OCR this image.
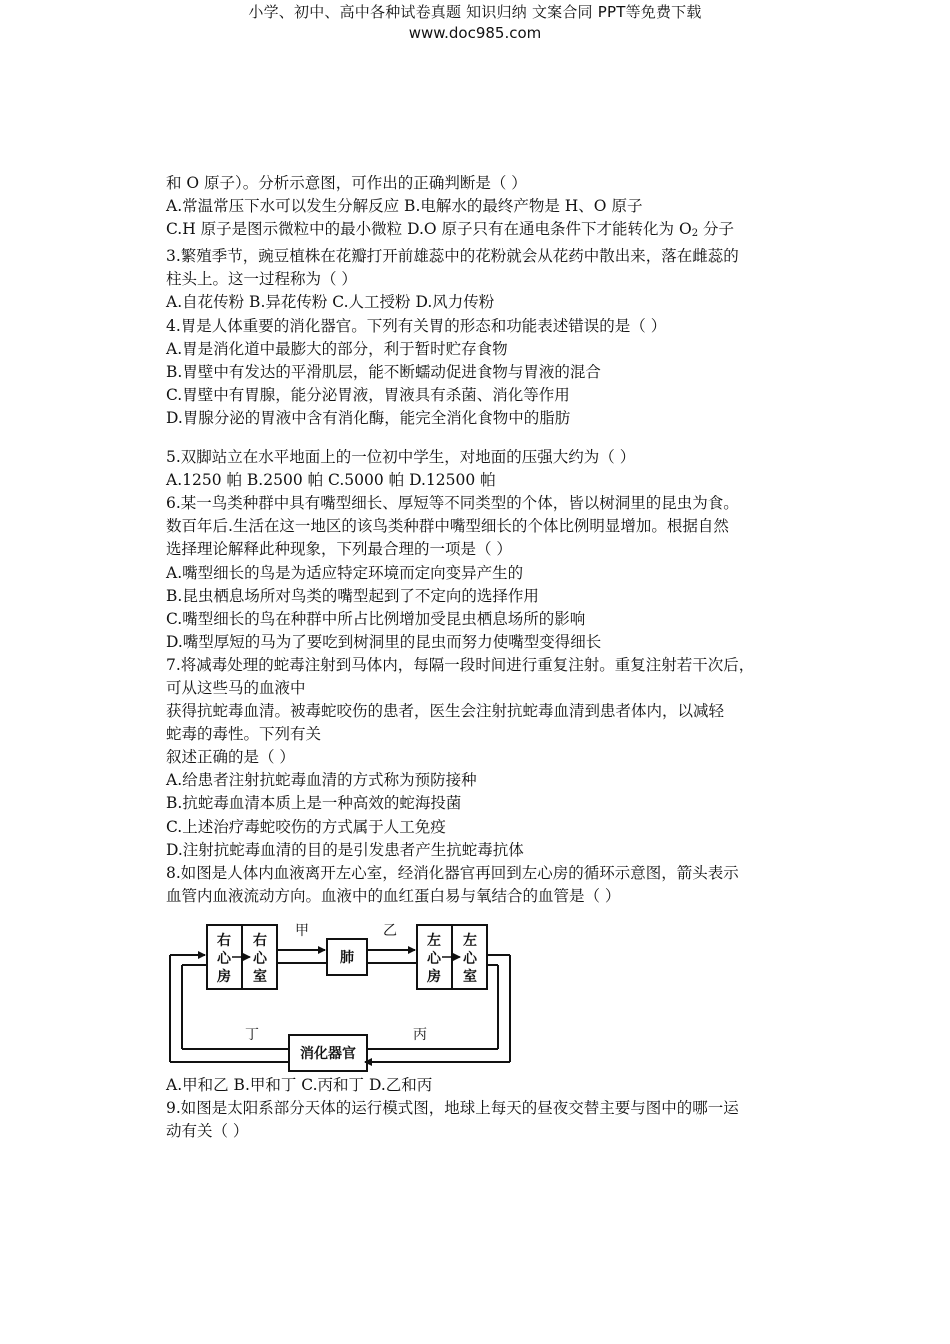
小学、初中、高中各种试卷真题 知识归纳 文案合同 PPT等免费下载
www.doc985.com
和 O 原子）。分析示意图，可作出的正确判断是（ ）
A.常温常压下水可以发生分解反应 B.电解水的最终产物是 H、O 原子
C.H 原子是图示微粒中的最小微粒 D.O 原子只有在通电条件下才能转化为 $O_2$ 分子
3.繁殖季节，豌豆植株在花瓣打开前雄蕊中的花粉就会从花药中散出来，落在雌蕊的
柱头上。这一过程称为（ ）
A.自花传粉 B.异花传粉 C.人工授粉 D.风力传粉
4.胃是人体重要的消化器官。下列有关胃的形态和功能表述错误的是（ ）
A.胃是消化道中最膨大的部分，利于暂时贮存食物
B.胃壁中有发达的平滑肌层，能不断蠕动促进食物与胃液的混合
C.胃壁中有胃腺，能分泌胃液，胃液具有杀菌、消化等作用
D.胃腺分泌的胃液中含有消化酶，能完全消化食物中的脂肪
5.双脚站立在水平地面上的一位初中学生，对地面的压强大约为（ ）
A.1250 帕 B.2500 帕 C.5000 帕 D.12500 帕
6.某一鸟类种群中具有嘴型细长、厚短等不同类型的个体，皆以树洞里的昆虫为食。
数百年后.生活在这一地区的该鸟类种群中嘴型细长的个体比例明显增加。根据自然
选择理论解释此种现象，下列最合理的一项是（ ）
A.嘴型细长的鸟是为适应特定环境而定向变异产生的
B.昆虫栖息场所对鸟类的嘴型起到了不定向的选择作用
C.嘴型细长的鸟在种群中所占比例增加受昆虫栖息场所的影响
D.嘴型厚短的马为了要吃到树洞里的昆虫而努力使嘴型变得细长
7.将减毒处理的蛇毒注射到马体内，每隔一段时间进行重复注射。重复注射若干次后，
可从这些马的血液中
获得抗蛇毒血清。被毒蛇咬伤的患者，医生会注射抗蛇毒血清到患者体内，以减轻
蛇毒的毒性。下列有关
叙述正确的是（ ）
A.给患者注射抗蛇毒血清的方式称为预防接种
B.抗蛇毒血清本质上是一种高效的蛇海投菌
C.上述治疗毒蛇咬伤的方式属于人工免疫
D.注射抗蛇毒血清的目的是引发患者产生抗蛇毒抗体
8.如图是人体内血液离开左心室，经消化器官再回到左心房的循环示意图，箭头表示
血管内血液流动方向。血液中的血红蛋白易与氧结合的血管是（ ）
右
心
房
右
心
室
肺
左
心
房
左
心
室
消化器官
甲	乙
丙
丁
A.甲和乙 B.甲和丁 C.丙和丁 D.乙和丙
9.如图是太阳系部分天体的运行模式图，地球上每天的昼夜交替主要与图中的哪一运
动有关（ ）
